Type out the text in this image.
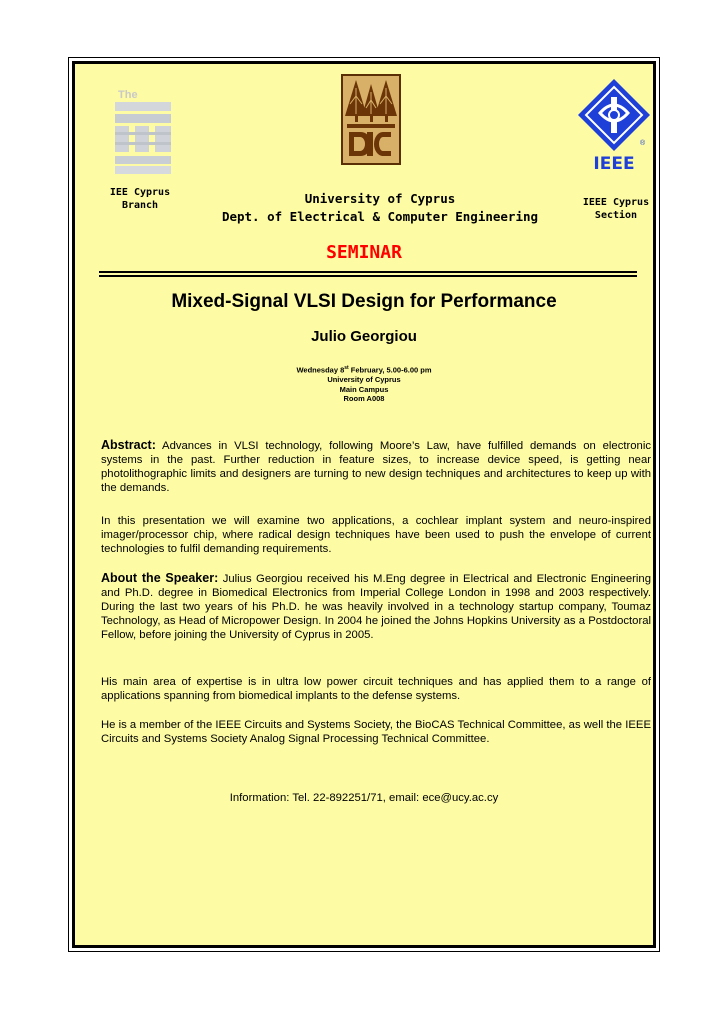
The
®
IEEE
IEE Cyprus
Branch	University of Cyprus
Dept. of Electrical & Computer Engineering
IEEE Cyprus
Section
SEMINAR
Mixed-Signal VLSI Design for Performance
Julio Georgiou
Wednesday 8st February, 5.00-6.00 pm
University of Cyprus
Main Campus
Room A008
Abstract: Advances in VLSI technology, following Moore’s Law, have fulfilled demands on electronic systems in the past. Further reduction in feature sizes, to increase device speed, is getting near photolithographic limits and designers are turning to new design techniques and architectures to keep up with the demands.
In this presentation we will examine two applications, a cochlear implant system and neuro-inspired imager/processor chip, where radical design techniques have been used to push the envelope of current technologies to fulfil demanding requirements.
About the Speaker: Julius Georgiou received his M.Eng degree in Electrical and Electronic Engineering and Ph.D. degree in Biomedical Electronics from Imperial College London in 1998 and 2003 respectively. During the last two years of his Ph.D. he was heavily involved in a technology startup company, Toumaz Technology, as Head of Micropower Design. In 2004 he joined the Johns Hopkins University as a Postdoctoral Fellow, before joining the University of Cyprus in 2005.
His main area of expertise is in ultra low power circuit techniques and has applied them to a range of applications spanning from biomedical implants to the defense systems.
He is a member of the IEEE Circuits and Systems Society, the BioCAS Technical Committee, as well the IEEE Circuits and Systems Society Analog Signal Processing Technical Committee.
Information: Tel. 22-892251/71, email: ece@ucy.ac.cy
